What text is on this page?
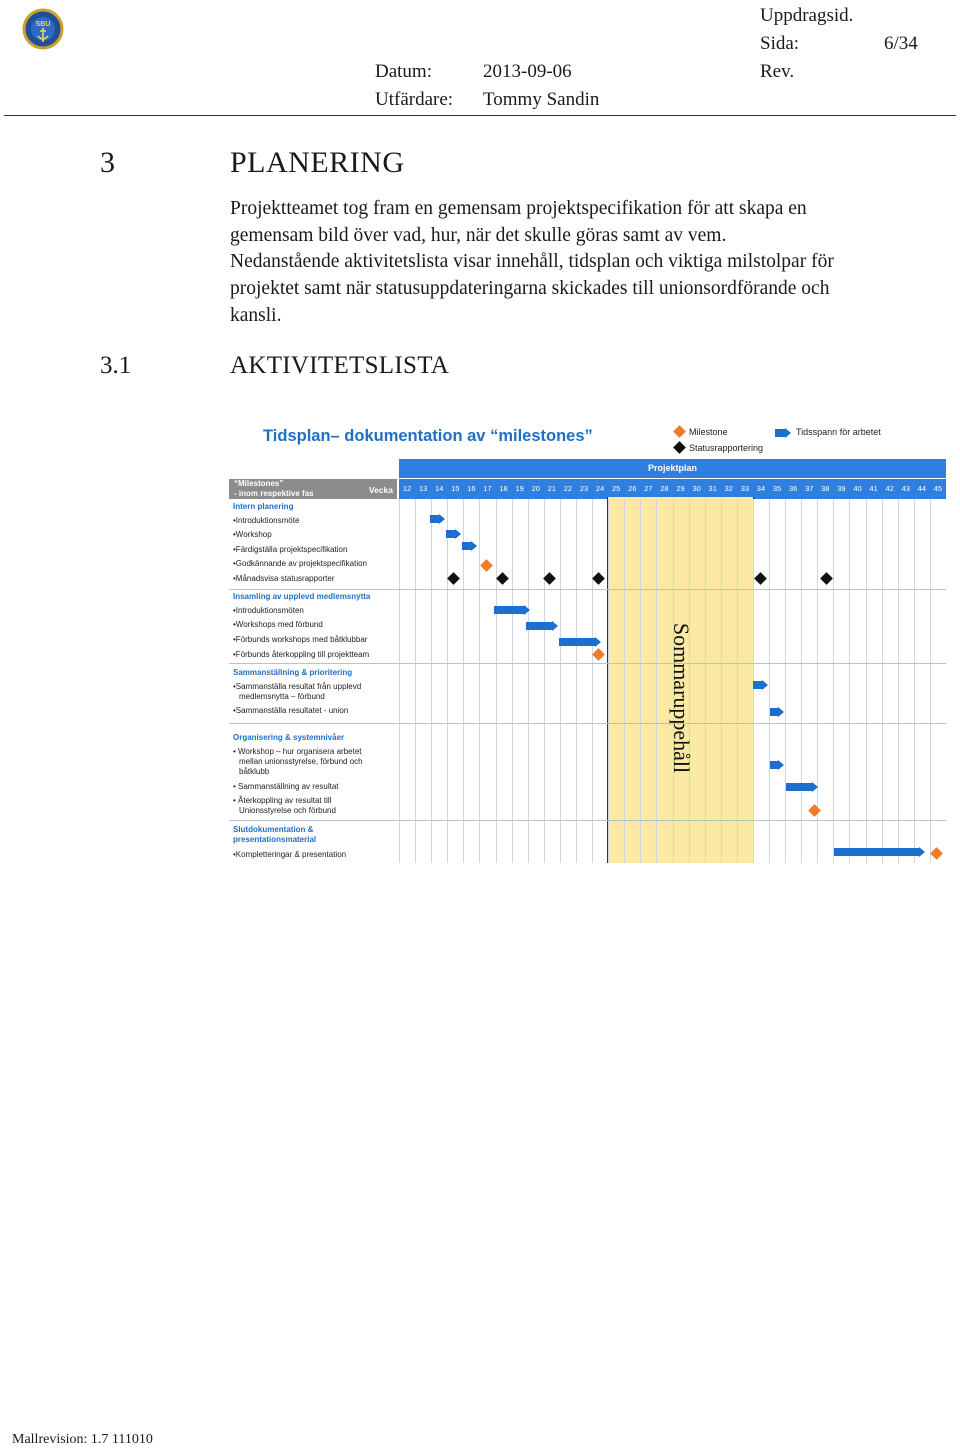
SBU	Uppdragsid.
Sida:	6/34
Datum:	2013-09-06	Rev.
Utfärdare: Tommy Sandin
3	PLANERING
Projektteamet tog fram en gemensam projektspecifikation för att skapa en
gemensam bild över vad, hur, när det skulle göras samt av vem.
Nedanstående aktivitetslista visar innehåll, tidsplan och viktiga milstolpar för
projektet samt när statusuppdateringarna skickades till unionsordförande och
kansli.
3.1	AKTIVITETSLISTA
Tidsplan– dokumentation av “milestones”	Milestone
Statusrapportering
Tidsspann för arbetet
Projektplan
“Milestones”
- inom respektive fas	Vecka	12	13	14	15	16	17	18	19	20	21	22	23	24	25	26	27	28	29	30	31	32	33	34	35	36	37	38	39	40	41	42	43	44	45
Sommaruppehåll
Intern planering
•Introduktionsmöte
•Workshop
•Färdigställa projektspecifikation
•Godkännande av projektspecifikation
•Månadsvisa statusrapporter
Insamling av upplevd medlemsnytta
•Introduktionsmöten
•Workshops med förbund
•Förbunds workshops med båtklubbar
•Förbunds återkoppling till projektteam
Sammanställning & prioritering
•Sammanställa resultat från upplevd
medlemsnytta – förbund
•Sammanställa resultatet - union
Organisering & systemnivåer
• Workshop – hur organisera arbetet
mellan unionsstyrelse, förbund och
båtklubb
• Sammanställning av resultat
• Återkoppling av resultat till
Unionsstyrelse och förbund
Slutdokumentation &
presentationsmaterial
•Kompletteringar & presentation
Mallrevision: 1.7 111010
